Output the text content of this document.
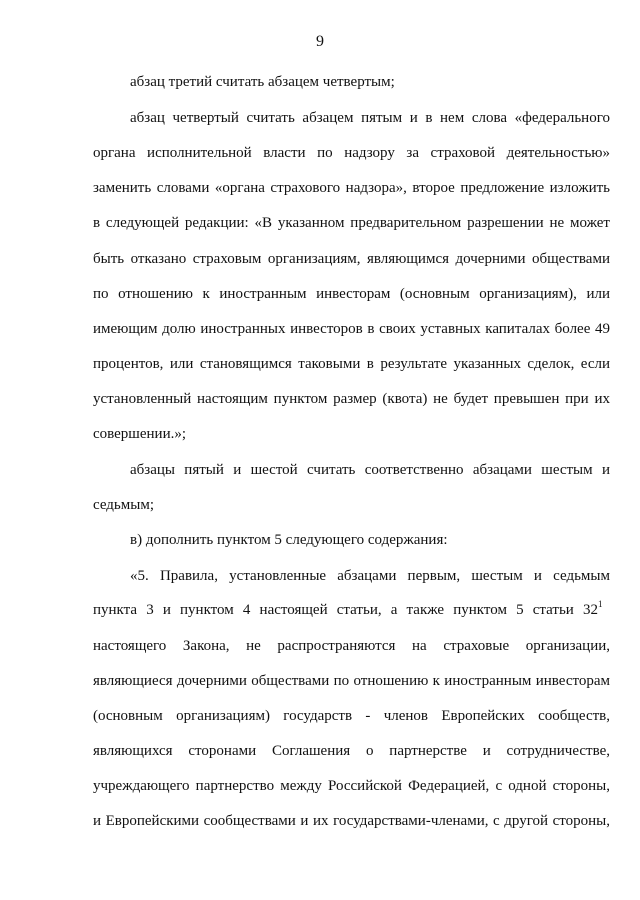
9
абзац третий считать абзацем четвертым;
абзац четвертый считать абзацем пятым и в нем слова «федерального
органа исполнительной власти по надзору за страховой деятельностью»
заменить словами «органа страхового надзора», второе предложение изложить
в следующей редакции: «В указанном предварительном разрешении не может
быть отказано страховым организациям, являющимся дочерними обществами
по отношению к иностранным инвесторам (основным организациям), или
имеющим долю иностранных инвесторов в своих уставных капиталах более 49
процентов, или становящимся таковыми в результате указанных сделок, если
установленный настоящим пунктом размер (квота) не будет превышен при их
совершении.»;
абзацы пятый и шестой считать соответственно абзацами шестым и
седьмым;
в) дополнить пунктом 5 следующего содержания:
«5. Правила, установленные абзацами первым, шестым и седьмым
пункта 3 и пунктом 4 настоящей статьи, а также пунктом 5 статьи $32^1$
настоящего Закона, не распространяются на страховые организации,
являющиеся дочерними обществами по отношению к иностранным инвесторам
(основным организациям) государств - членов Европейских сообществ,
являющихся сторонами Соглашения о партнерстве и сотрудничестве,
учреждающего партнерство между Российской Федерацией, с одной стороны,
и Европейскими сообществами и их государствами-членами, с другой стороны,
